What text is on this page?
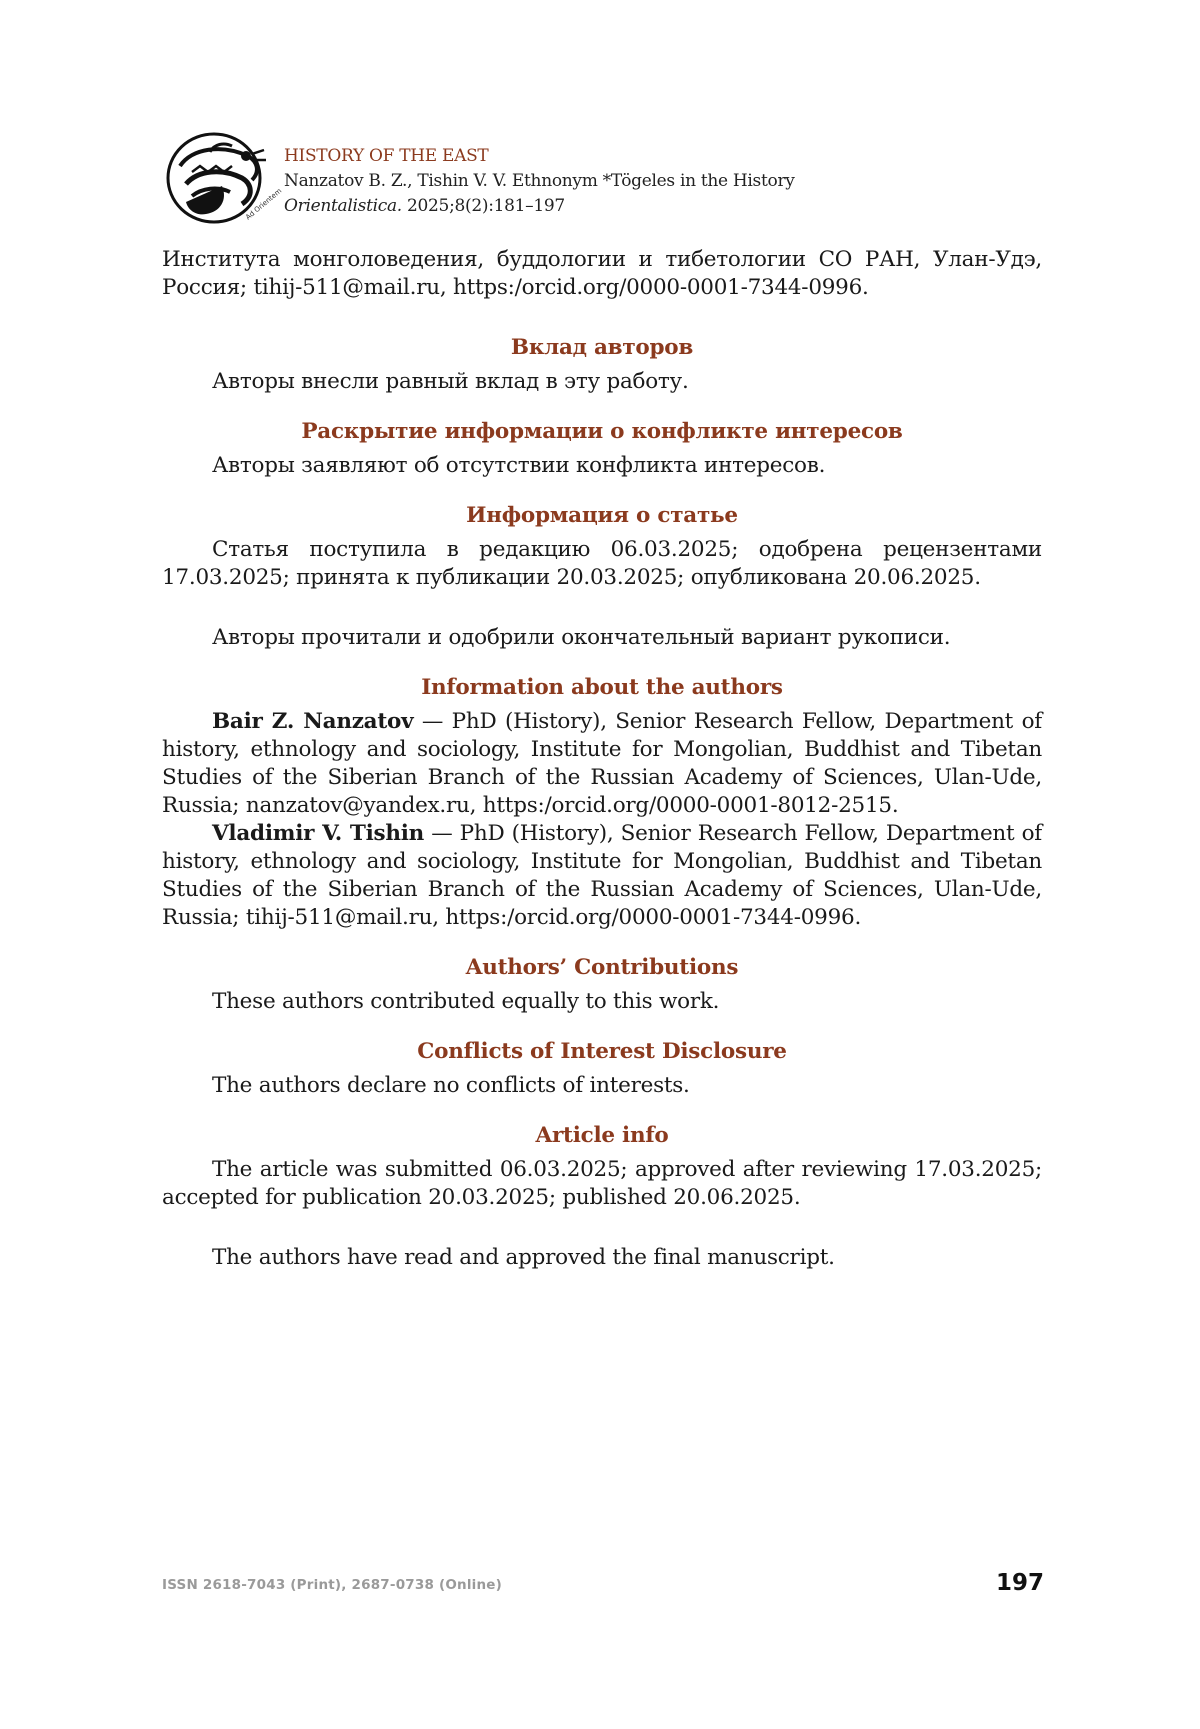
Ad Orientem
HISTORY OF THE EAST
Nanzatov B. Z., Tishin V. V. Ethnonym *Tögeles in the History
Orientalistica. 2025;8(2):181–197

Института монголоведения, буддологии и тибетологии СО РАН, Улан-Удэ, Россия; tihij-511@mail.ru, https:/orcid.org/0000-0001-7344-0996.

Вклад авторов

Авторы внесли равный вклад в эту работу.

Раскрытие информации о конфликте интересов

Авторы заявляют об отсутствии конфликта интересов.

Информация о статье

Статья поступила в редакцию 06.03.2025; одобрена рецензентами 17.03.2025; принята к публикации 20.03.2025; опубликована 20.06.2025.

Авторы прочитали и одобрили окончательный вариант рукописи.

Information about the authors

Bair Z. Nanzatov — PhD (History), Senior Research Fellow, Department of history, ethnology and sociology, Institute for Mongolian, Buddhist and Tibetan Studies of the Siberian Branch of the Russian Academy of Sciences, Ulan-Ude, Russia; nanzatov@yandex.ru, https:/orcid.org/0000-0001-8012-2515.

Vladimir V. Tishin — PhD (History), Senior Research Fellow, Department of history, ethnology and sociology, Institute for Mongolian, Buddhist and Tibetan Studies of the Siberian Branch of the Russian Academy of Sciences, Ulan-Ude, Russia; tihij-511@mail.ru, https:/orcid.org/0000-0001-7344-0996.

Authors’ Contributions

These authors contributed equally to this work.

Conflicts of Interest Disclosure

The authors declare no conflicts of interests.

Article info

The article was submitted 06.03.2025; approved after reviewing 17.03.2025; accepted for publication 20.03.2025; published 20.06.2025.

The authors have read and approved the final manuscript.

ISSN 2618-7043 (Print), 2687-0738 (Online)	197
